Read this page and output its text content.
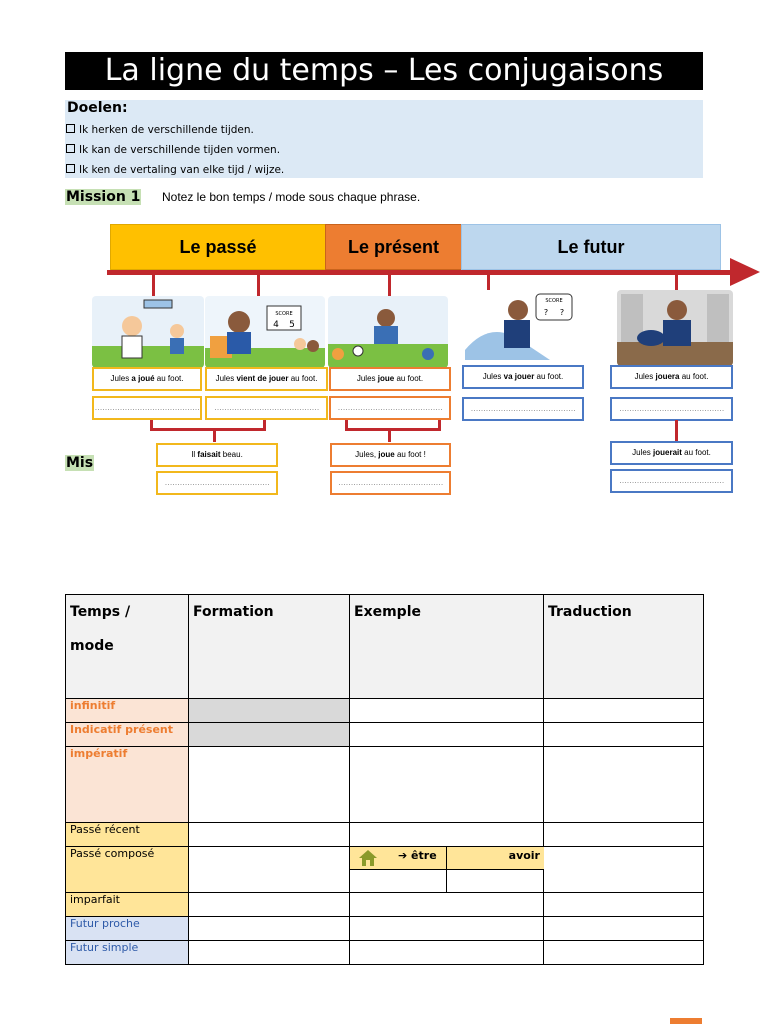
La ligne du temps – Les conjugaisons
Doelen:
Ik herken de verschillende tijden.
Ik kan de verschillende tijden vormen.
Ik ken de vertaling van elke tijd / wijze.
Mission 1 Notez le bon temps / mode sous chaque phrase.
Le passé	Le présent	Le futur
SCORE
4 5
SCORE
? ?
Jules a joué au foot.	Jules vient de jouer au foot.	Jules joue au foot.	Jules va jouer au foot.	Jules jouera au foot.
……………………………………	……………………………………	……………………………………	……………………………………	……………………………………
Il faisait beau.	Jules, joue au foot !	Jules jouerait au foot.
……………………………………	……………………………………	……………………………………
Mis
Temps /
mode	Formation	Exemple	Traduction
infinitif			
Indicatif présent			
impératif			
Passé récent			
Passé composé		➔ être avoir	

imparfait			
Futur proche			
Futur simple			
